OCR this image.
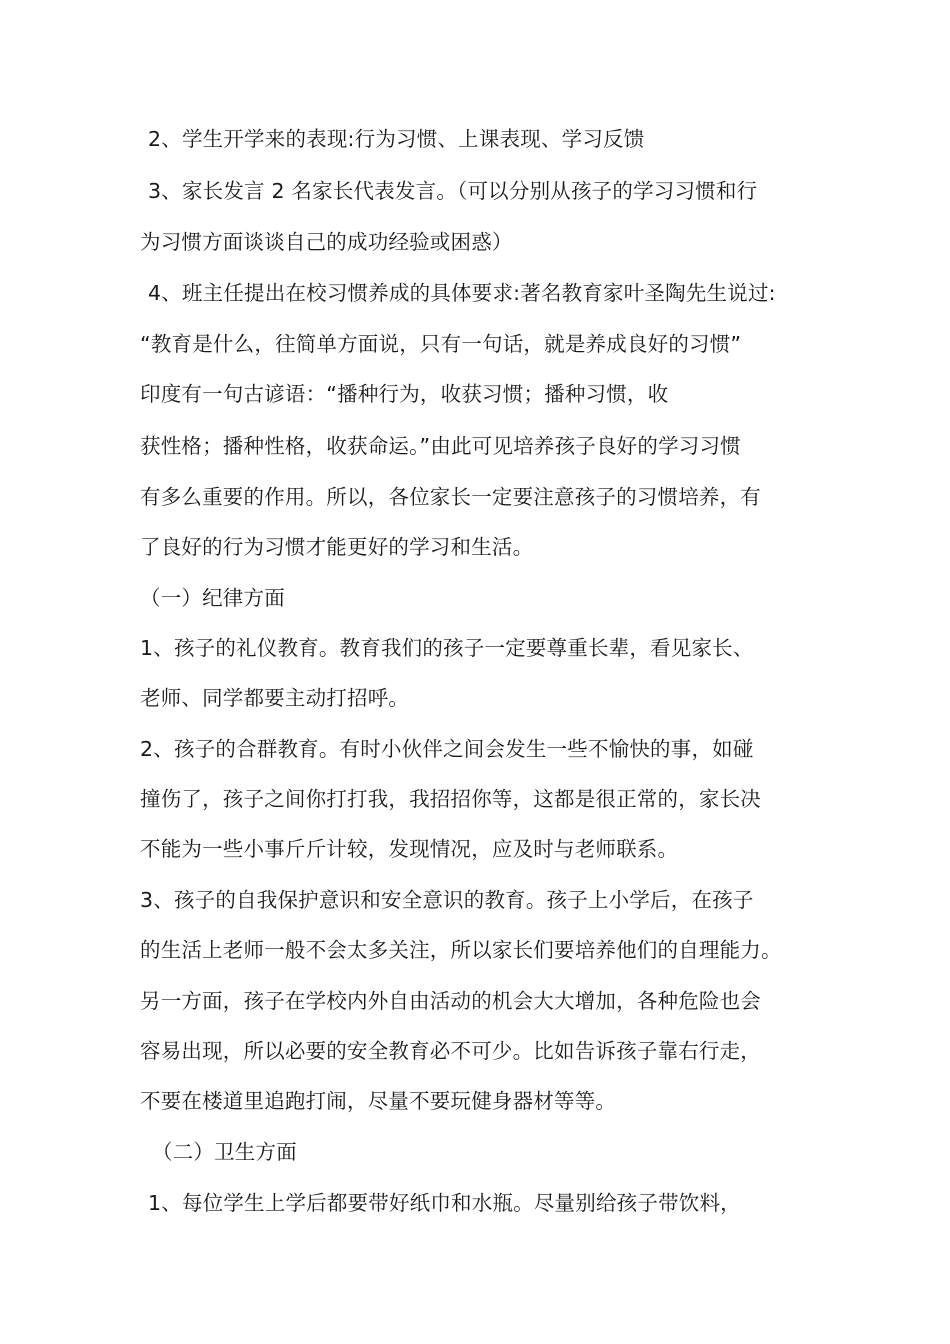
2、学生开学来的表现:行为习惯、上课表现、学习反馈
3、家长发言 2 名家长代表发言。（可以分别从孩子的学习习惯和行
为习惯方面谈谈自己的成功经验或困惑）
4、班主任提出在校习惯养成的具体要求:著名教育家叶圣陶先生说过:
“教育是什么，往简单方面说，只有一句话，就是养成良好的习惯”
印度有一句古谚语：“播种行为，收获习惯；播种习惯，收
获性格；播种性格，收获命运。”由此可见培养孩子良好的学习习惯
有多么重要的作用。所以，各位家长一定要注意孩子的习惯培养，有
了良好的行为习惯才能更好的学习和生活。
（一）纪律方面
1、孩子的礼仪教育。教育我们的孩子一定要尊重长辈，看见家长、
老师、同学都要主动打招呼。
2、孩子的合群教育。有时小伙伴之间会发生一些不愉快的事，如碰
撞伤了，孩子之间你打打我，我招招你等，这都是很正常的，家长决
不能为一些小事斤斤计较，发现情况，应及时与老师联系。
3、孩子的自我保护意识和安全意识的教育。孩子上小学后，在孩子
的生活上老师一般不会太多关注，所以家长们要培养他们的自理能力。
另一方面，孩子在学校内外自由活动的机会大大增加，各种危险也会
容易出现，所以必要的安全教育必不可少。比如告诉孩子靠右行走，
不要在楼道里追跑打闹，尽量不要玩健身器材等等。
（二）卫生方面
1、每位学生上学后都要带好纸巾和水瓶。尽量别给孩子带饮料，
